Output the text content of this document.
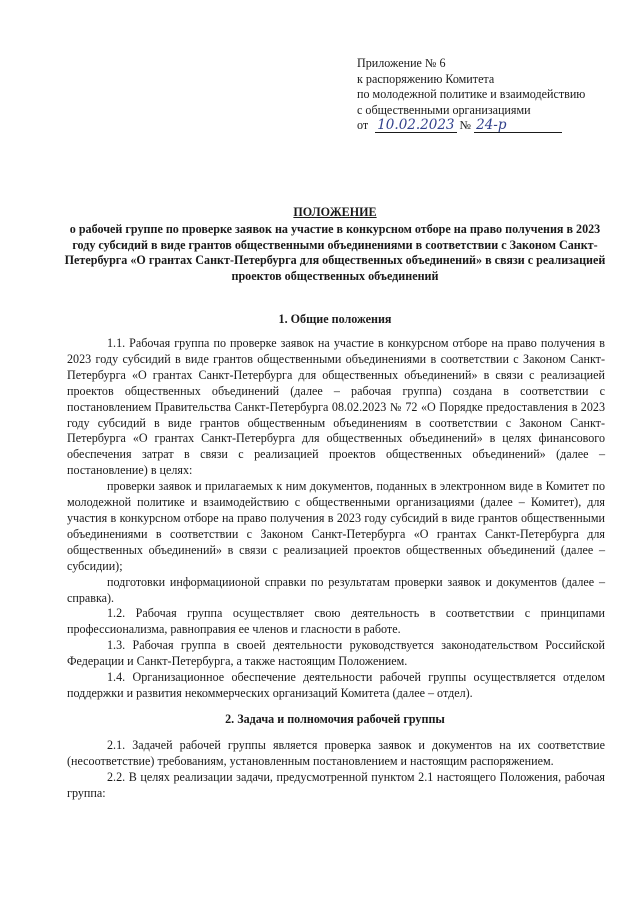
Приложение № 6
к распоряжению Комитета
по молодежной политике и взаимодействию
с общественными организациями
от 10.02.2023 № 24-р
ПОЛОЖЕНИЕ
о рабочей группе по проверке заявок на участие в конкурсном отборе на право получения в 2023 году субсидий в виде грантов общественными объединениями в соответствии с Законом Санкт-Петербурга «О грантах Санкт-Петербурга для общественных объединений» в связи с реализацией проектов общественных объединений
1. Общие положения

1.1. Рабочая группа по проверке заявок на участие в конкурсном отборе на право получения в 2023 году субсидий в виде грантов общественными объединениями в соответствии с Законом Санкт-Петербурга «О грантах Санкт-Петербурга для общественных объединений» в связи с реализацией проектов общественных объединений (далее – рабочая группа) создана в соответствии с постановлением Правительства Санкт-Петербурга 08.02.2023 № 72 «О Порядке предоставления в 2023 году субсидий в виде грантов общественным объединениям в соответствии с Законом Санкт-Петербурга «О грантах Санкт-Петербурга для общественных объединений» в целях финансового обеспечения затрат в связи с реализацией проектов общественных объединений» (далее – постановление) в целях:

проверки заявок и прилагаемых к ним документов, поданных в электронном виде в Комитет по молодежной политике и взаимодействию с общественными организациями (далее – Комитет), для участия в конкурсном отборе на право получения в 2023 году субсидий в виде грантов общественными объединениями в соответствии с Законом Санкт-Петербурга «О грантах Санкт-Петербурга для общественных объединений» в связи с реализацией проектов общественных объединений (далее – субсидии);

подготовки информациионой справки по результатам проверки заявок и документов (далее – справка).

1.2. Рабочая группа осуществляет свою деятельность в соответствии с принципами профессионализма, равноправия ее членов и гласности в работе.

1.3. Рабочая группа в своей деятельности руководствуется законодательством Российской Федерации и Санкт-Петербурга, а также настоящим Положением.

1.4. Организационное обеспечение деятельности рабочей группы осуществляется отделом поддержки и развития некоммерческих организаций Комитета (далее – отдел).

2. Задача и полномочия рабочей группы

2.1. Задачей рабочей группы является проверка заявок и документов на их соответствие (несоответствие) требованиям, установленным постановлением и настоящим распоряжением.

2.2. В целях реализации задачи, предусмотренной пунктом 2.1 настоящего Положения, рабочая группа:
